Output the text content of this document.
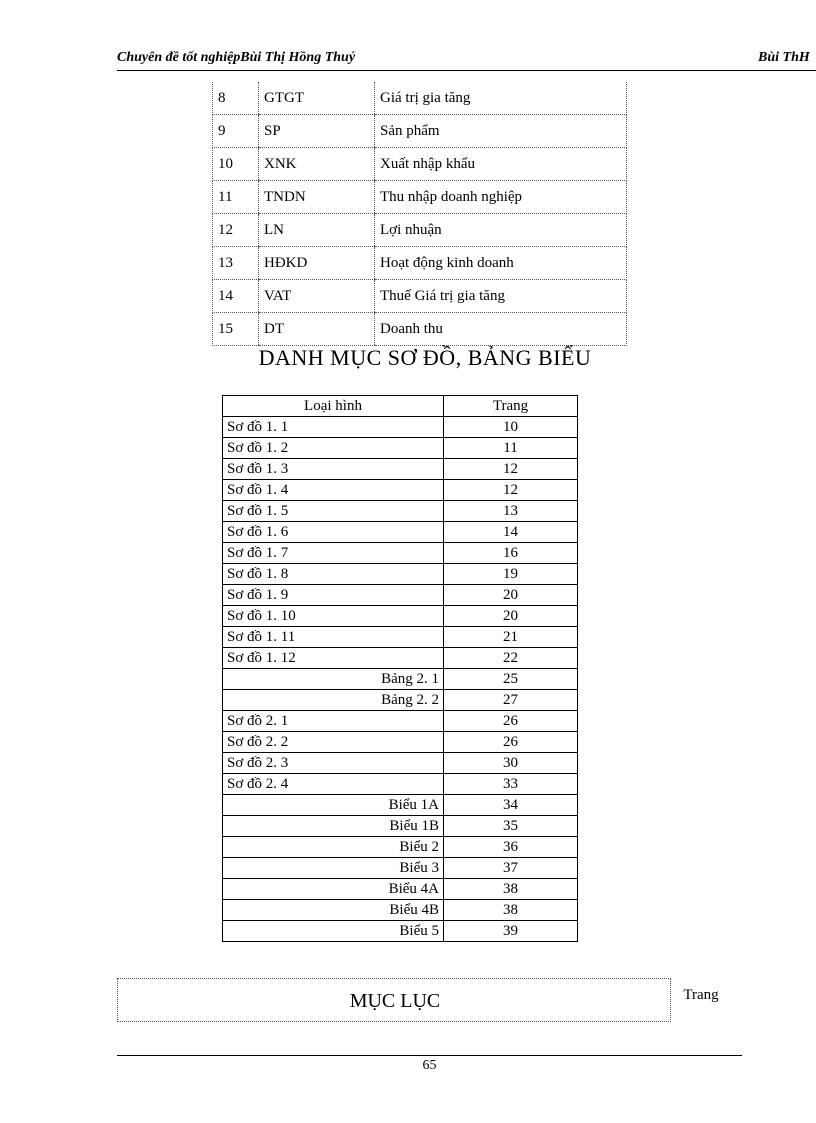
Chuyên đề tốt nghiệpBùi Thị Hồng Thuý	Bùi ThH
8	GTGT	Giá trị gia tăng
9	SP	Sản phẩm
10	XNK	Xuất nhập khẩu
11	TNDN	Thu nhập doanh nghiệp
12	LN	Lợi nhuận
13	HĐKD	Hoạt động kinh doanh
14	VAT	Thuế Giá trị gia tăng
15	DT	Doanh thu
DANH MỤC SƠ ĐỒ, BẢNG BIỂU
Loại hình	Trang
Sơ đồ 1. 1	10
Sơ đồ 1. 2	11
Sơ đồ 1. 3	12
Sơ đồ 1. 4	12
Sơ đồ 1. 5	13
Sơ đồ 1. 6	14
Sơ đồ 1. 7	16
Sơ đồ 1. 8	19
Sơ đồ 1. 9	20
Sơ đồ 1. 10	20
Sơ đồ 1. 11	21
Sơ đồ 1. 12	22
Bảng 2. 1	25
Bảng 2. 2	27
Sơ đồ 2. 1	26
Sơ đồ 2. 2	26
Sơ đồ 2. 3	30
Sơ đồ 2. 4	33
Biểu 1A	34
Biểu 1B	35
Biểu 2	36
Biểu 3	37
Biểu 4A	38
Biểu 4B	38
Biểu 5	39
MỤC LỤC	Trang
65
